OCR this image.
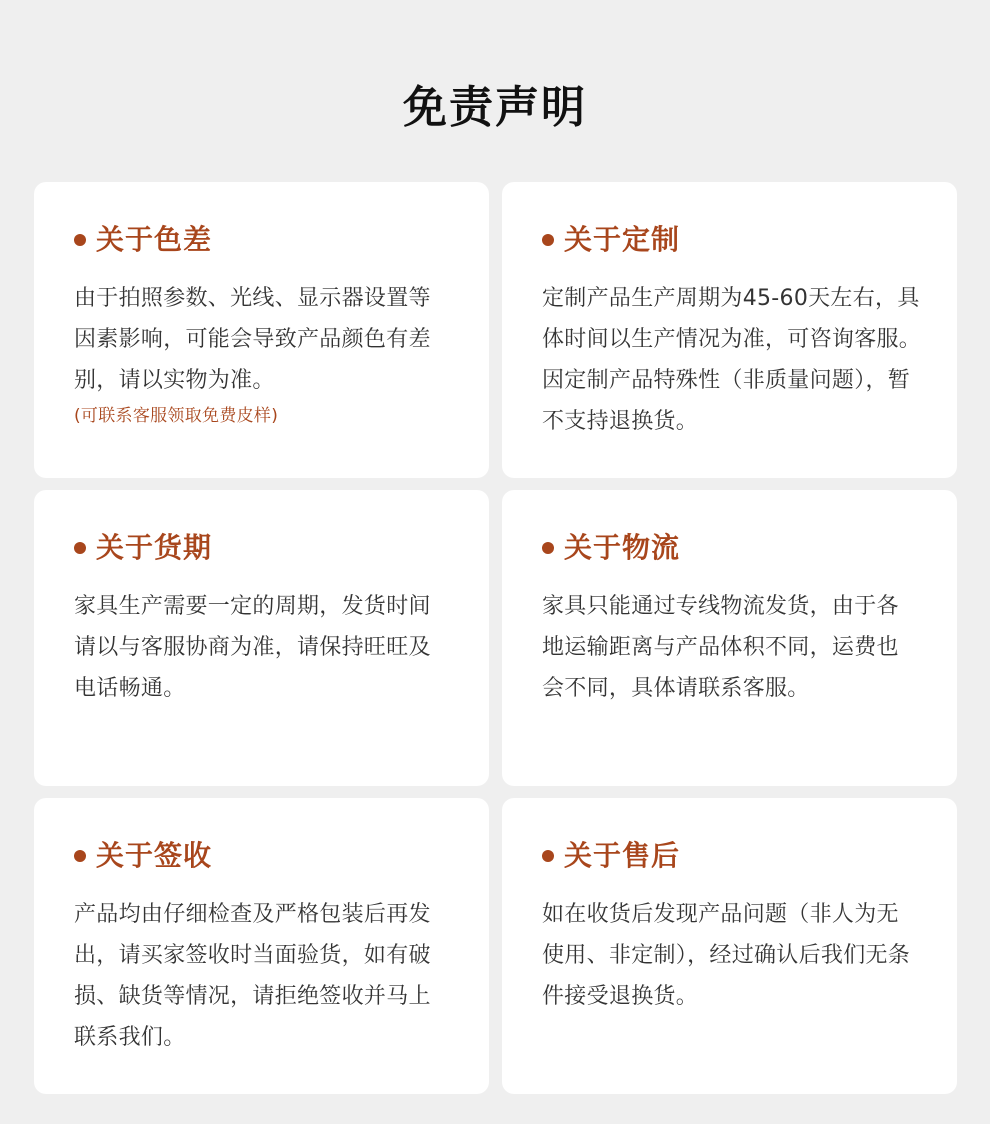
免责声明
关于色差
由于拍照参数、光线、显示器设置等因素影响，可能会导致产品颜色有差别，请以实物为准。
(可联系客服领取免费皮样)
关于定制
定制产品生产周期为45-60天左右，具体时间以生产情况为准，可咨询客服。因定制产品特殊性（非质量问题），暂不支持退换货。
关于货期
家具生产需要一定的周期，发货时间请以与客服协商为准，请保持旺旺及电话畅通。
关于物流
家具只能通过专线物流发货，由于各地运输距离与产品体积不同，运费也会不同，具体请联系客服。
关于签收
产品均由仔细检查及严格包装后再发出，请买家签收时当面验货，如有破损、缺货等情况，请拒绝签收并马上联系我们。
关于售后
如在收货后发现产品问题（非人为无使用、非定制），经过确认后我们无条件接受退换货。
